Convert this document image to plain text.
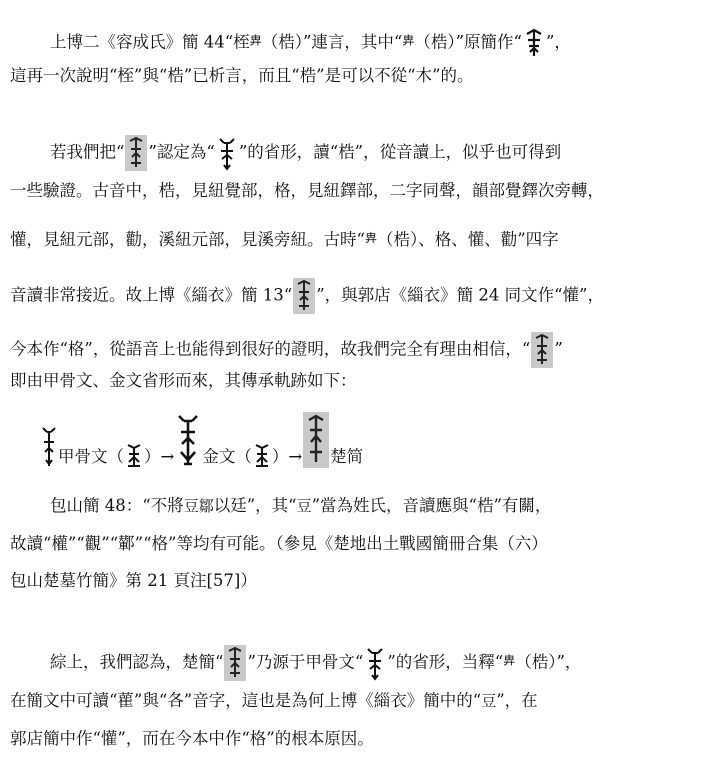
上博二《容成氏》簡 44“桎𢍁（梏）”連言，其中“𢍁（梏）”原簡作“ ”，
這再一次說明“桎”與“梏”已析言，而且“梏”是可以不從“木”的。
若我們把“ ”認定為“ ”的省形，讀“梏”，從音讀上，似乎也可得到
一些驗證。古音中，梏，見紐覺部，格，見紐鐸部，二字同聲，韻部覺鐸次旁轉，
懽，見紐元部，勸，溪紐元部，見溪旁紐。古時“𢍁（梏）、格、懽、勸”四字
音讀非常接近。故上博《緇衣》簡 13“ ”，與郭店《緇衣》簡 24 同文作“懽”，
今本作“格”，從語音上也能得到很好的證明，故我們完全有理由相信，“ ”
即由甲骨文、金文省形而來，其傳承軌跡如下：
甲骨文（ ）→ 金文（ ）→ 楚简
包山簡 48：“不將豆鄒以廷”，其“豆”當為姓氏，音讀應與“梏”有關，
故讀“權”“觀”“鄻”“格”等均有可能。（參見《楚地出土戰國簡冊合集（六）
包山楚墓竹簡》第 21 頁注[57]）
綜上，我們認為，楚簡“ ”乃源于甲骨文“ ”的省形，当釋“𢍁（梏）”，
在簡文中可讀“雚”與“各”音字，這也是為何上博《緇衣》簡中的“豆”，在
郭店簡中作“懽”，而在今本中作“格”的根本原因。
